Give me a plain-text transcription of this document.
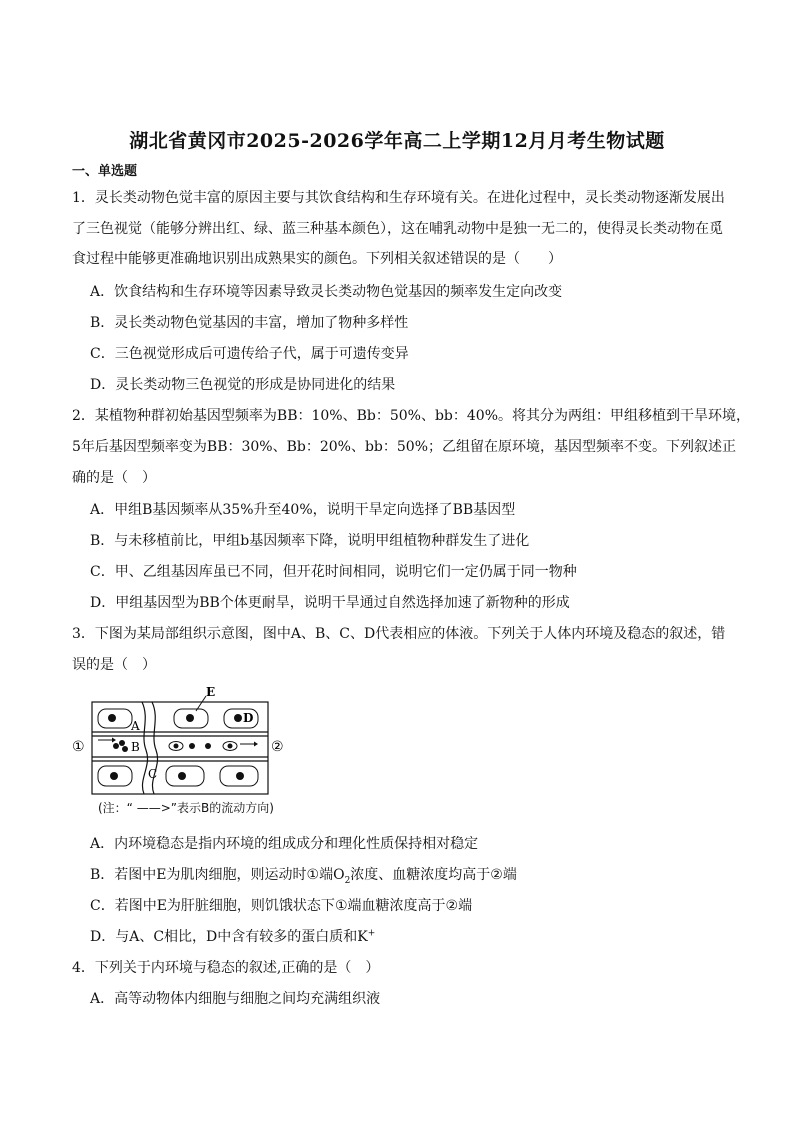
湖北省黄冈市2025-2026学年高二上学期12月月考生物试题
一、单选题
1．灵长类动物色觉丰富的原因主要与其饮食结构和生存环境有关。在进化过程中，灵长类动物逐渐发展出
了三色视觉（能够分辨出红、绿、蓝三种基本颜色），这在哺乳动物中是独一无二的，使得灵长类动物在觅
食过程中能够更准确地识别出成熟果实的颜色。下列相关叙述错误的是（　　）
A．饮食结构和生存环境等因素导致灵长类动物色觉基因的频率发生定向改变
B．灵长类动物色觉基因的丰富，增加了物种多样性
C．三色视觉形成后可遗传给子代，属于可遗传变异
D．灵长类动物三色视觉的形成是协同进化的结果
2．某植物种群初始基因型频率为BB：10%、Bb：50%、bb：40%。将其分为两组：甲组移植到干旱环境，
5年后基因型频率变为BB：30%、Bb：20%、bb：50%；乙组留在原环境，基因型频率不变。下列叙述正
确的是（　）
A．甲组B基因频率从35%升至40%，说明干旱定向选择了BB基因型
B．与未移植前比，甲组b基因频率下降，说明甲组植物种群发生了进化
C．甲、乙组基因库虽已不同，但开花时间相同，说明它们一定仍属于同一物种
D．甲组基因型为BB个体更耐旱，说明干旱通过自然选择加速了新物种的形成
3．下图为某局部组织示意图，图中A、B、C、D代表相应的体液。下列关于人体内环境及稳态的叙述，错
误的是（　）
E
A
B
C
D
①	②
(注：“ ——>”表示B的流动方向)
A．内环境稳态是指内环境的组成成分和理化性质保持相对稳定
B．若图中E为肌肉细胞，则运动时①端$O_2$浓度、血糖浓度均高于②端
C．若图中E为肝脏细胞，则饥饿状态下①端血糖浓度高于②端
D．与A、C相比，D中含有较多的蛋白质和K+
4．下列关于内环境与稳态的叙述,正确的是（　）
A．高等动物体内细胞与细胞之间均充满组织液
